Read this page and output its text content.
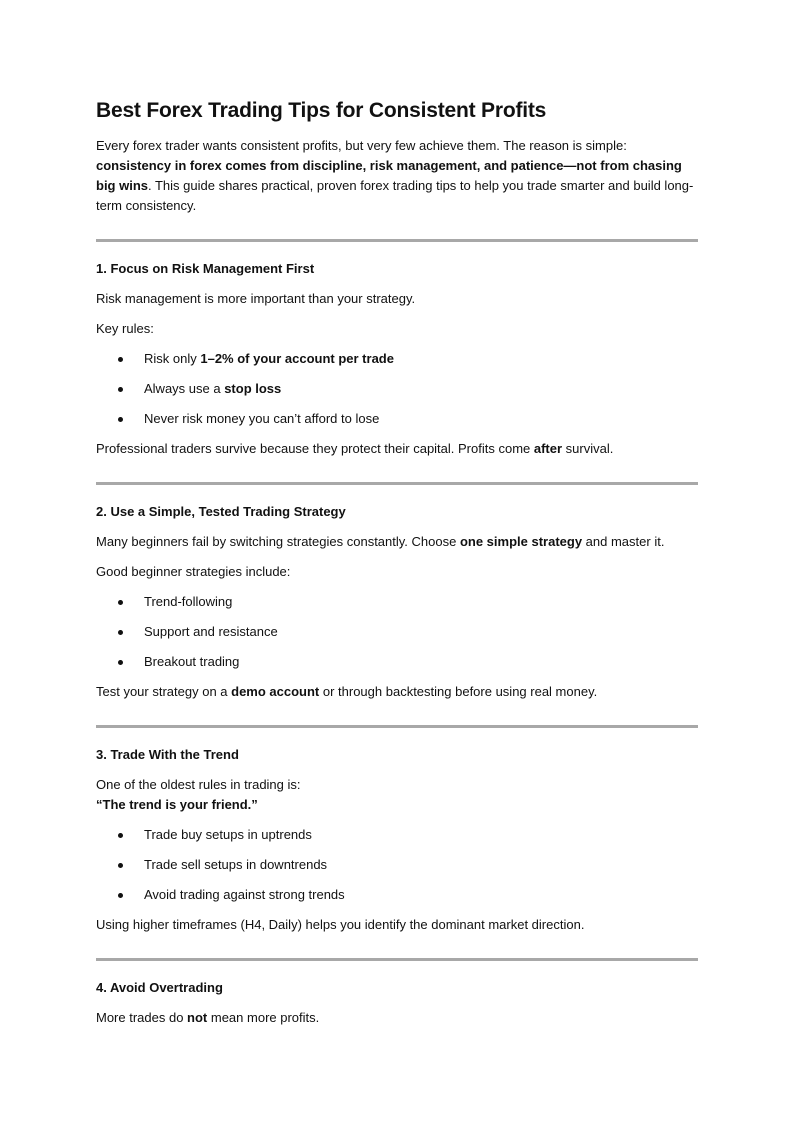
Best Forex Trading Tips for Consistent Profits

Every forex trader wants consistent profits, but very few achieve them. The reason is simple: consistency in forex comes from discipline, risk management, and patience—not from chasing big wins. This guide shares practical, proven forex trading tips to help you trade smarter and build long-term consistency.

1. Focus on Risk Management First

Risk management is more important than your strategy.

Key rules:

Risk only 1–2% of your account per trade
Always use a stop loss
Never risk money you can’t afford to lose

Professional traders survive because they protect their capital. Profits come after survival.

2. Use a Simple, Tested Trading Strategy

Many beginners fail by switching strategies constantly. Choose one simple strategy and master it.

Good beginner strategies include:

Trend-following
Support and resistance
Breakout trading

Test your strategy on a demo account or through backtesting before using real money.

3. Trade With the Trend

One of the oldest rules in trading is:

“The trend is your friend.”

Trade buy setups in uptrends
Trade sell setups in downtrends
Avoid trading against strong trends

Using higher timeframes (H4, Daily) helps you identify the dominant market direction.

4. Avoid Overtrading

More trades do not mean more profits.
